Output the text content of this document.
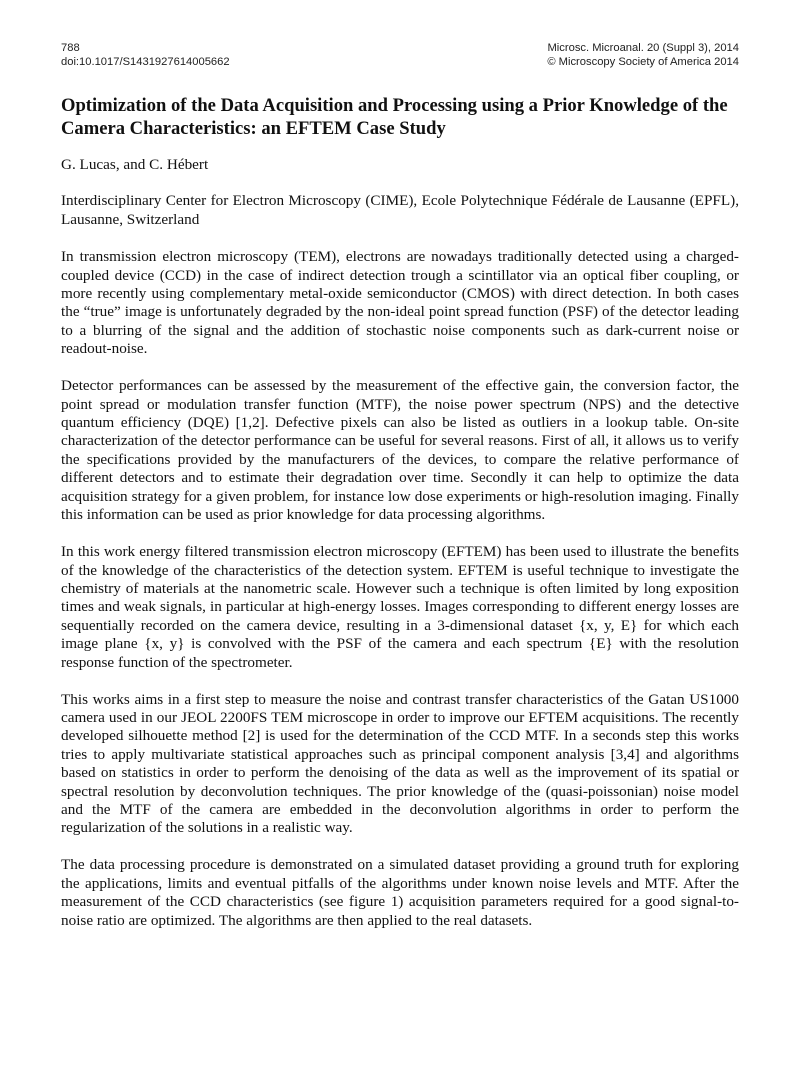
788
doi:10.1017/S1431927614005662
Microsc. Microanal. 20 (Suppl 3), 2014
© Microscopy Society of America 2014
Optimization of the Data Acquisition and Processing using a Prior Knowledge of the Camera Characteristics: an EFTEM Case Study
G. Lucas, and C. Hébert
Interdisciplinary Center for Electron Microscopy (CIME), Ecole Polytechnique Fédérale de Lausanne (EPFL), Lausanne, Switzerland

In transmission electron microscopy (TEM), electrons are nowadays traditionally detected using a charged-coupled device (CCD) in the case of indirect detection trough a scintillator via an optical fiber coupling, or more recently using complementary metal-oxide semiconductor (CMOS) with direct detection. In both cases the “true” image is unfortunately degraded by the non-ideal point spread function (PSF) of the detector leading to a blurring of the signal and the addition of stochastic noise components such as dark-current noise or readout-noise.

Detector performances can be assessed by the measurement of the effective gain, the conversion factor, the point spread or modulation transfer function (MTF), the noise power spectrum (NPS) and the detective quantum efficiency (DQE) [1,2]. Defective pixels can also be listed as outliers in a lookup table. On-site characterization of the detector performance can be useful for several reasons. First of all, it allows us to verify the specifications provided by the manufacturers of the devices, to compare the relative performance of different detectors and to estimate their degradation over time. Secondly it can help to optimize the data acquisition strategy for a given problem, for instance low dose experiments or high-resolution imaging. Finally this information can be used as prior knowledge for data processing algorithms.

In this work energy filtered transmission electron microscopy (EFTEM) has been used to illustrate the benefits of the knowledge of the characteristics of the detection system. EFTEM is useful technique to investigate the chemistry of materials at the nanometric scale. However such a technique is often limited by long exposition times and weak signals, in particular at high-energy losses. Images corresponding to different energy losses are sequentially recorded on the camera device, resulting in a 3-dimensional dataset {x, y, E} for which each image plane {x, y} is convolved with the PSF of the camera and each spectrum {E} with the resolution response function of the spectrometer.

This works aims in a first step to measure the noise and contrast transfer characteristics of the Gatan US1000 camera used in our JEOL 2200FS TEM microscope in order to improve our EFTEM acquisitions. The recently developed silhouette method [2] is used for the determination of the CCD MTF. In a seconds step this works tries to apply multivariate statistical approaches such as principal component analysis [3,4] and algorithms based on statistics in order to perform the denoising of the data as well as the improvement of its spatial or spectral resolution by deconvolution techniques. The prior knowledge of the (quasi-poissonian) noise model and the MTF of the camera are embedded in the deconvolution algorithms in order to perform the regularization of the solutions in a realistic way.

The data processing procedure is demonstrated on a simulated dataset providing a ground truth for exploring the applications, limits and eventual pitfalls of the algorithms under known noise levels and MTF. After the measurement of the CCD characteristics (see figure 1) acquisition parameters required for a good signal-to-noise ratio are optimized. The algorithms are then applied to the real datasets.
